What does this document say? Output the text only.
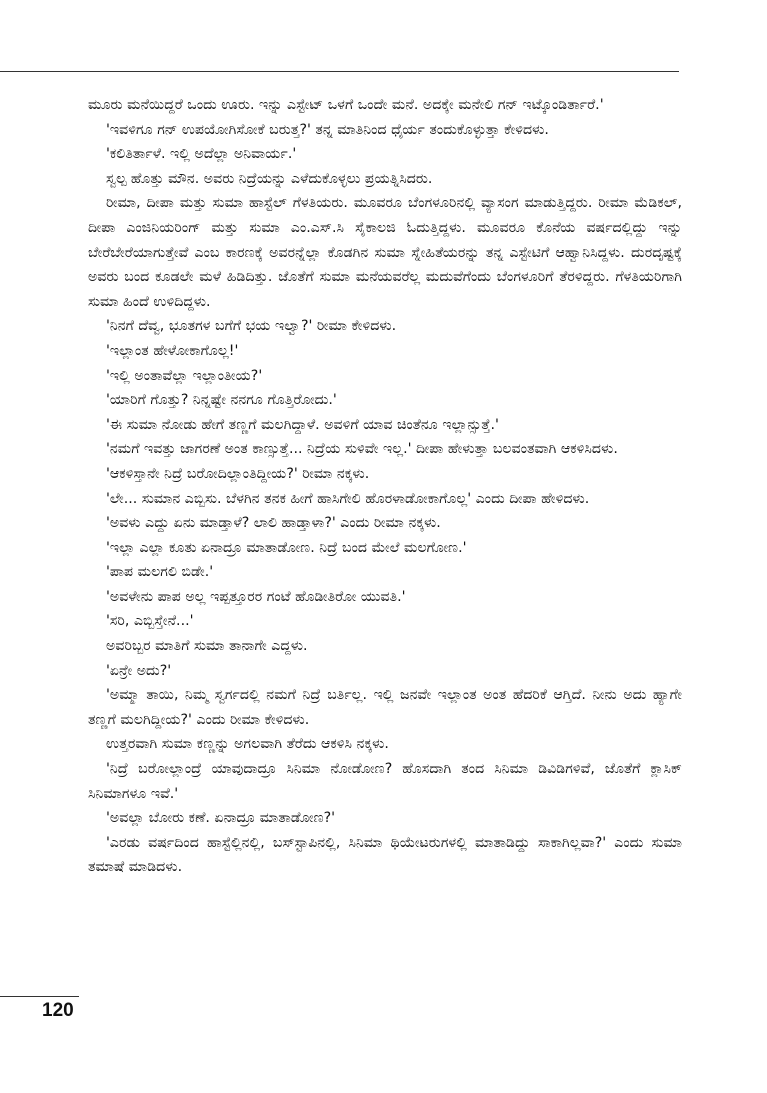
ಮೂರು ಮನೆಯಿದ್ದರೆ ಒಂದು ಊರು. ಇನ್ನು ಎಸ್ಟೇಟ್ ಒಳಗೆ ಒಂದೇ ಮನೆ. ಅದಕ್ಕೇ ಮನೇಲಿ ಗನ್ ಇಟ್ಕೊಂಡಿರ್ತಾರೆ.'

'ಇವಳಿಗೂ ಗನ್ ಉಪಯೋಗಿಸೋಕೆ ಬರುತ್ತ?' ತನ್ನ ಮಾತಿನಿಂದ ಧೈರ್ಯ ತಂದುಕೊಳ್ಳುತ್ತಾ ಕೇಳಿದಳು.

'ಕಲಿತಿರ್ತಾಳೆ. ಇಲ್ಲಿ ಅದೆಲ್ಲಾ ಅನಿವಾರ್ಯ.'

ಸ್ವಲ್ಪ ಹೊತ್ತು ಮೌನ. ಅವರು ನಿದ್ರೆಯನ್ನು ಎಳೆದುಕೊಳ್ಳಲು ಪ್ರಯತ್ನಿಸಿದರು.

ರೀಮಾ, ದೀಪಾ ಮತ್ತು ಸುಮಾ ಹಾಸ್ಟೆಲ್ ಗೆಳತಿಯರು. ಮೂವರೂ ಬೆಂಗಳೂರಿನಲ್ಲಿ ವ್ಯಾಸಂಗ ಮಾಡುತ್ತಿದ್ದರು. ರೀಮಾ ಮೆಡಿಕಲ್, ದೀಪಾ ಎಂಜಿನಿಯರಿಂಗ್ ಮತ್ತು ಸುಮಾ ಎಂ.ಎಸ್.ಸಿ ಸೈಕಾಲಜಿ ಓದುತ್ತಿದ್ದಳು. ಮೂವರೂ ಕೊನೆಯ ವರ್ಷದಲ್ಲಿದ್ದು ಇನ್ನು ಬೇರೆಬೇರೆಯಾಗುತ್ತೇವೆ ಎಂಬ ಕಾರಣಕ್ಕೆ ಅವರನ್ನೆಲ್ಲಾ ಕೊಡಗಿನ ಸುಮಾ ಸ್ನೇಹಿತೆಯರನ್ನು ತನ್ನ ಎಸ್ಟೇಟಿಗೆ ಆಹ್ವಾನಿಸಿದ್ದಳು. ದುರದೃಷ್ಟಕ್ಕೆ ಅವರು ಬಂದ ಕೂಡಲೇ ಮಳೆ ಹಿಡಿದಿತ್ತು. ಜೊತೆಗೆ ಸುಮಾ ಮನೆಯವರೆಲ್ಲ ಮದುವೆಗೆಂದು ಬೆಂಗಳೂರಿಗೆ ತೆರಳಿದ್ದರು. ಗೆಳತಿಯರಿಗಾಗಿ ಸುಮಾ ಹಿಂದೆ ಉಳಿದಿದ್ದಳು.

'ನಿನಗೆ ದೆವ್ವ, ಭೂತಗಳ ಬಗೆಗೆ ಭಯ ಇಲ್ವಾ?' ರೀಮಾ ಕೇಳಿದಳು.

'ಇಲ್ಲಾಂತ ಹೇಳೋಕಾಗೊಲ್ಲ!'

'ಇಲ್ಲಿ ಅಂತಾವೆಲ್ಲಾ ಇಲ್ಲಾಂತೀಯ?'

'ಯಾರಿಗೆ ಗೊತ್ತು? ನಿನ್ನಷ್ಟೇ ನನಗೂ ಗೊತ್ತಿರೋದು.'

'ಈ ಸುಮಾ ನೋಡು ಹೇಗೆ ತಣ್ಣಗೆ ಮಲಗಿದ್ದಾಳೆ. ಅವಳಿಗೆ ಯಾವ ಚಿಂತೆನೂ ಇಲ್ಲಾನ್ಸುತ್ತೆ.'

'ನಮಗೆ ಇವತ್ತು ಜಾಗರಣೆ ಅಂತ ಕಾಣ್ಸುತ್ತೆ... ನಿದ್ರೆಯ ಸುಳಿವೇ ಇಲ್ಲ.' ದೀಪಾ ಹೇಳುತ್ತಾ ಬಲವಂತವಾಗಿ ಆಕಳಿಸಿದಳು.

'ಆಕಳಿಸ್ತಾನೇ ನಿದ್ರೆ ಬರೋದಿಲ್ಲಾಂತಿದ್ದೀಯ?' ರೀಮಾ ನಕ್ಕಳು.

'ಲೇ... ಸುಮಾನ ಎಬ್ಬಿಸು. ಬೆಳಗಿನ ತನಕ ಹೀಗೆ ಹಾಸಿಗೇಲಿ ಹೊರಳಾಡೋಕಾಗೊಲ್ಲ' ಎಂದು ದೀಪಾ ಹೇಳಿದಳು.

'ಅವಳು ಎದ್ದು ಏನು ಮಾಡ್ತಾಳೆ? ಲಾಲಿ ಹಾಡ್ತಾಳಾ?' ಎಂದು ರೀಮಾ ನಕ್ಕಳು.

'ಇಲ್ಲಾ ಎಲ್ಲಾ ಕೂತು ಏನಾದ್ರೂ ಮಾತಾಡೋಣ. ನಿದ್ರೆ ಬಂದ ಮೇಲೆ ಮಲಗೋಣ.'

'ಪಾಪ ಮಲಗಲಿ ಬಿಡೇ.'

'ಅವಳೇನು ಪಾಪ ಅಲ್ಲ ಇಪ್ಪತ್ತೂರರ ಗಂಟೆ ಹೊಡೀತಿರೋ ಯುವತಿ.'

'ಸರಿ, ಎಬ್ಬಿಸ್ತೇನೆ...'

ಅವರಿಬ್ಬರ ಮಾತಿಗೆ ಸುಮಾ ತಾನಾಗೇ ಎದ್ದಳು.

'ಏನ್ರೇ ಅದು?'

'ಅಮ್ಮಾ ತಾಯಿ, ನಿಮ್ಮ ಸ್ವರ್ಗದಲ್ಲಿ ನಮಗೆ ನಿದ್ರೆ ಬರ್ತಿಲ್ಲ. ಇಲ್ಲಿ ಜನವೇ ಇಲ್ಲಾಂತ ಅಂತ ಹೆದರಿಕೆ ಆಗ್ತಿದೆ. ನೀನು ಅದು ಹ್ಯಾಗೇ ತಣ್ಣಗೆ ಮಲಗಿದ್ದೀಯ?' ಎಂದು ರೀಮಾ ಕೇಳಿದಳು.

ಉತ್ತರವಾಗಿ ಸುಮಾ ಕಣ್ಣನ್ನು ಅಗಲವಾಗಿ ತೆರೆದು ಆಕಳಿಸಿ ನಕ್ಕಳು.

'ನಿದ್ರೆ ಬರೋಲ್ಲಾಂದ್ರೆ ಯಾವುದಾದ್ರೂ ಸಿನಿಮಾ ನೋಡೋಣ? ಹೊಸದಾಗಿ ತಂದ ಸಿನಿಮಾ ಡಿವಿಡಿಗಳಿವೆ, ಜೊತೆಗೆ ಕ್ಲಾಸಿಕ್ ಸಿನಿಮಾಗಳೂ ಇವೆ.'

'ಅವಲ್ಲಾ ಬೋರು ಕಣೆ. ಏನಾದ್ರೂ ಮಾತಾಡೋಣ?'

'ಎರಡು ವರ್ಷದಿಂದ ಹಾಸ್ಟೆಲ್ಲಿನಲ್ಲಿ, ಬಸ್‌ಸ್ಟಾಪಿನಲ್ಲಿ, ಸಿನಿಮಾ ಥಿಯೇಟರುಗಳಲ್ಲಿ ಮಾತಾಡಿದ್ದು ಸಾಕಾಗಿಲ್ಲವಾ?' ಎಂದು ಸುಮಾ ತಮಾಷೆ ಮಾಡಿದಳು.

120
